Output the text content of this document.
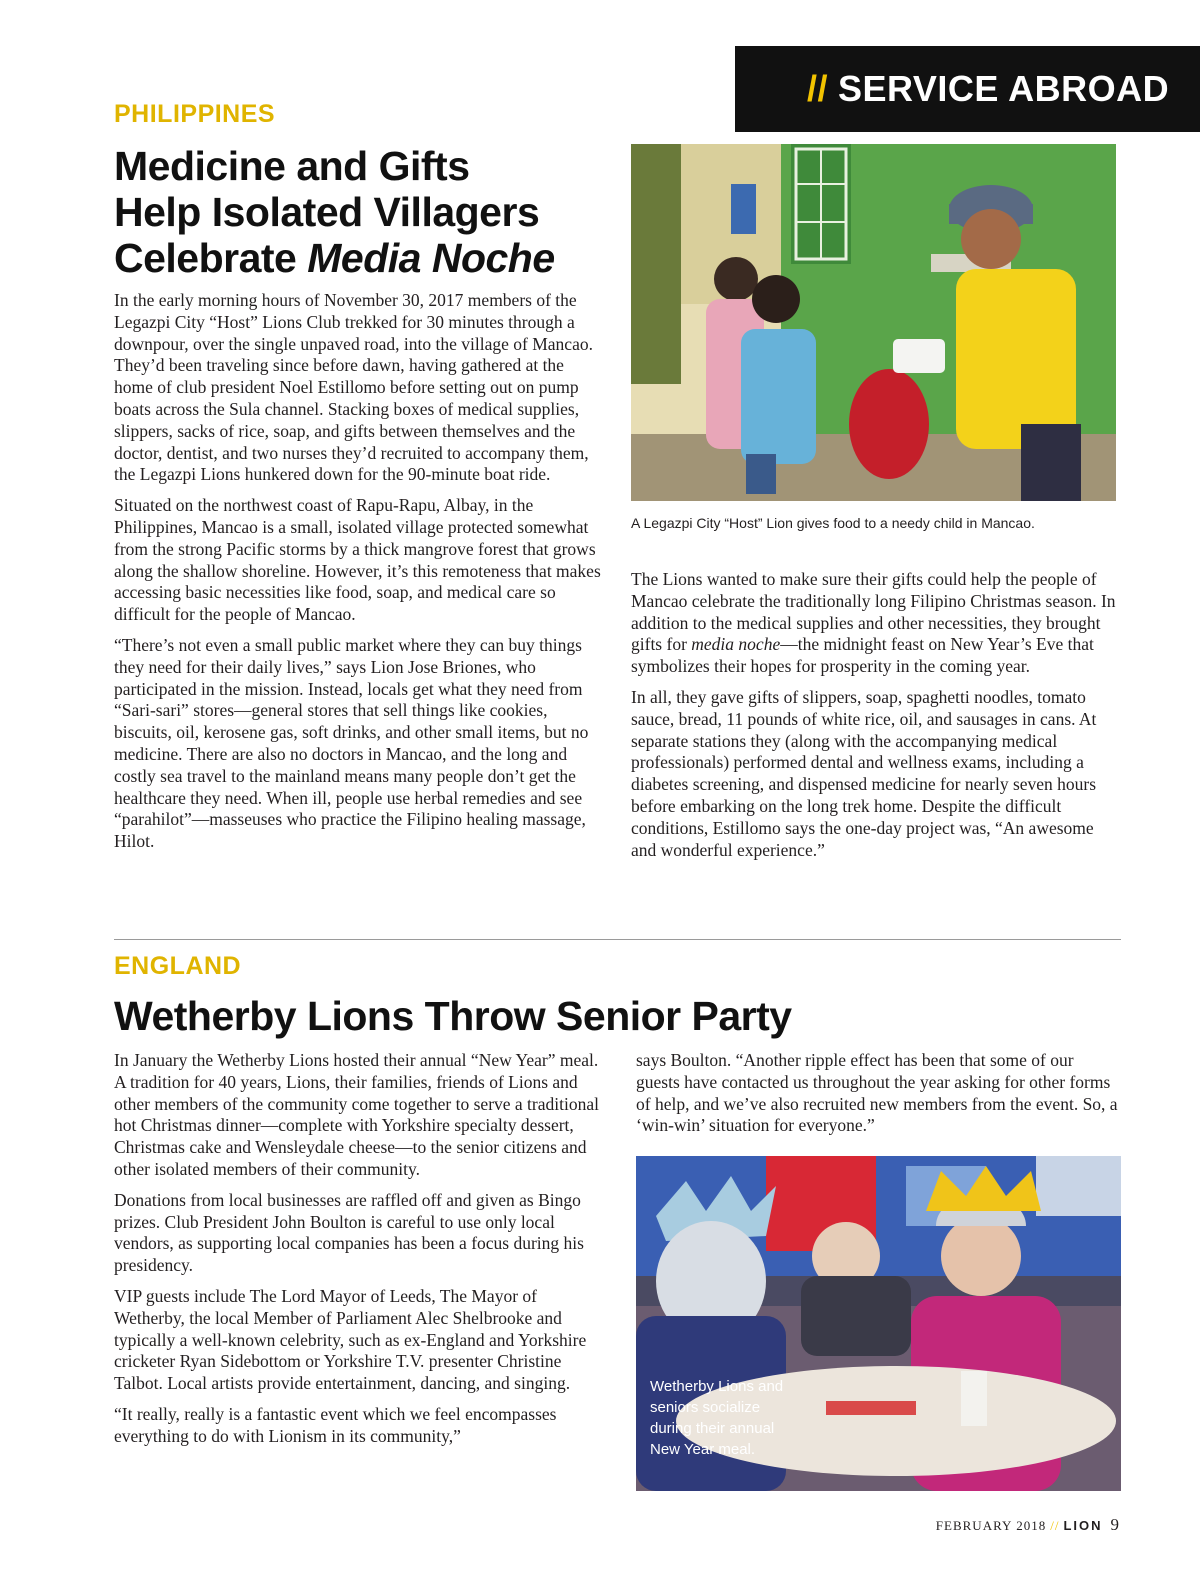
// SERVICE ABROAD
PHILIPPINES
Medicine and Gifts
Help Isolated Villagers
Celebrate Media Noche

In the early morning hours of November 30, 2017 members of the Legazpi City “Host” Lions Club trekked for 30 minutes through a downpour, over the single unpaved road, into the village of Mancao. They’d been traveling since before dawn, having gathered at the home of club president Noel Estillomo before setting out on pump boats across the Sula channel. Stacking boxes of medical supplies, slippers, sacks of rice, soap, and gifts between themselves and the doctor, dentist, and two nurses they’d recruited to accompany them, the Legazpi Lions hunkered down for the 90-minute boat ride.

Situated on the northwest coast of Rapu-Rapu, Albay, in the Philippines, Mancao is a small, isolated village protected somewhat from the strong Pacific storms by a thick mangrove forest that grows along the shallow shoreline. However, it’s this remoteness that makes accessing basic necessities like food, soap, and medical care so difficult for the people of Mancao.

“There’s not even a small public market where they can buy things they need for their daily lives,” says Lion Jose Briones, who participated in the mission. Instead, locals get what they need from “Sari-sari” stores—general stores that sell things like cookies, biscuits, oil, kerosene gas, soft drinks, and other small items, but no medicine. There are also no doctors in Mancao, and the long and costly sea travel to the mainland means many people don’t get the healthcare they need. When ill, people use herbal remedies and see “parahilot”—masseuses who practice the Filipino healing massage, Hilot.

A Legazpi City “Host” Lion gives food to a needy child in Mancao.

The Lions wanted to make sure their gifts could help the people of Mancao celebrate the traditionally long Filipino Christmas season. In addition to the medical supplies and other necessities, they brought gifts for media noche—the midnight feast on New Year’s Eve that symbolizes their hopes for prosperity in the coming year.

In all, they gave gifts of slippers, soap, spaghetti noodles, tomato sauce, bread, 11 pounds of white rice, oil, and sausages in cans. At separate stations they (along with the accompanying medical professionals) performed dental and wellness exams, including a diabetes screening, and dispensed medicine for nearly seven hours before embarking on the long trek home. Despite the difficult conditions, Estillomo says the one-day project was, “An awesome and wonderful experience.”

ENGLAND
Wetherby Lions Throw Senior Party

In January the Wetherby Lions hosted their annual “New Year” meal. A tradition for 40 years, Lions, their families, friends of Lions and other members of the community come together to serve a traditional hot Christmas dinner—complete with Yorkshire specialty dessert, Christmas cake and Wensleydale cheese—to the senior citizens and other isolated members of their community.

Donations from local businesses are raffled off and given as Bingo prizes. Club President John Boulton is careful to use only local vendors, as supporting local companies has been a focus during his presidency.

VIP guests include The Lord Mayor of Leeds, The Mayor of Wetherby, the local Member of Parliament Alec Shelbrooke and typically a well-known celebrity, such as ex-England and Yorkshire cricketer Ryan Sidebottom or Yorkshire T.V. presenter Christine Talbot. Local artists provide entertainment, dancing, and singing.

“It really, really is a fantastic event which we feel encompasses everything to do with Lionism in its community,”

says Boulton. “Another ripple effect has been that some of our guests have contacted us throughout the year asking for other forms of help, and we’ve also recruited new members from the event. So, a ‘win-win’ situation for everyone.”

Wetherby Lions and seniors socialize during their annual New Year meal.
FEBRUARY 2018 // LION 9
